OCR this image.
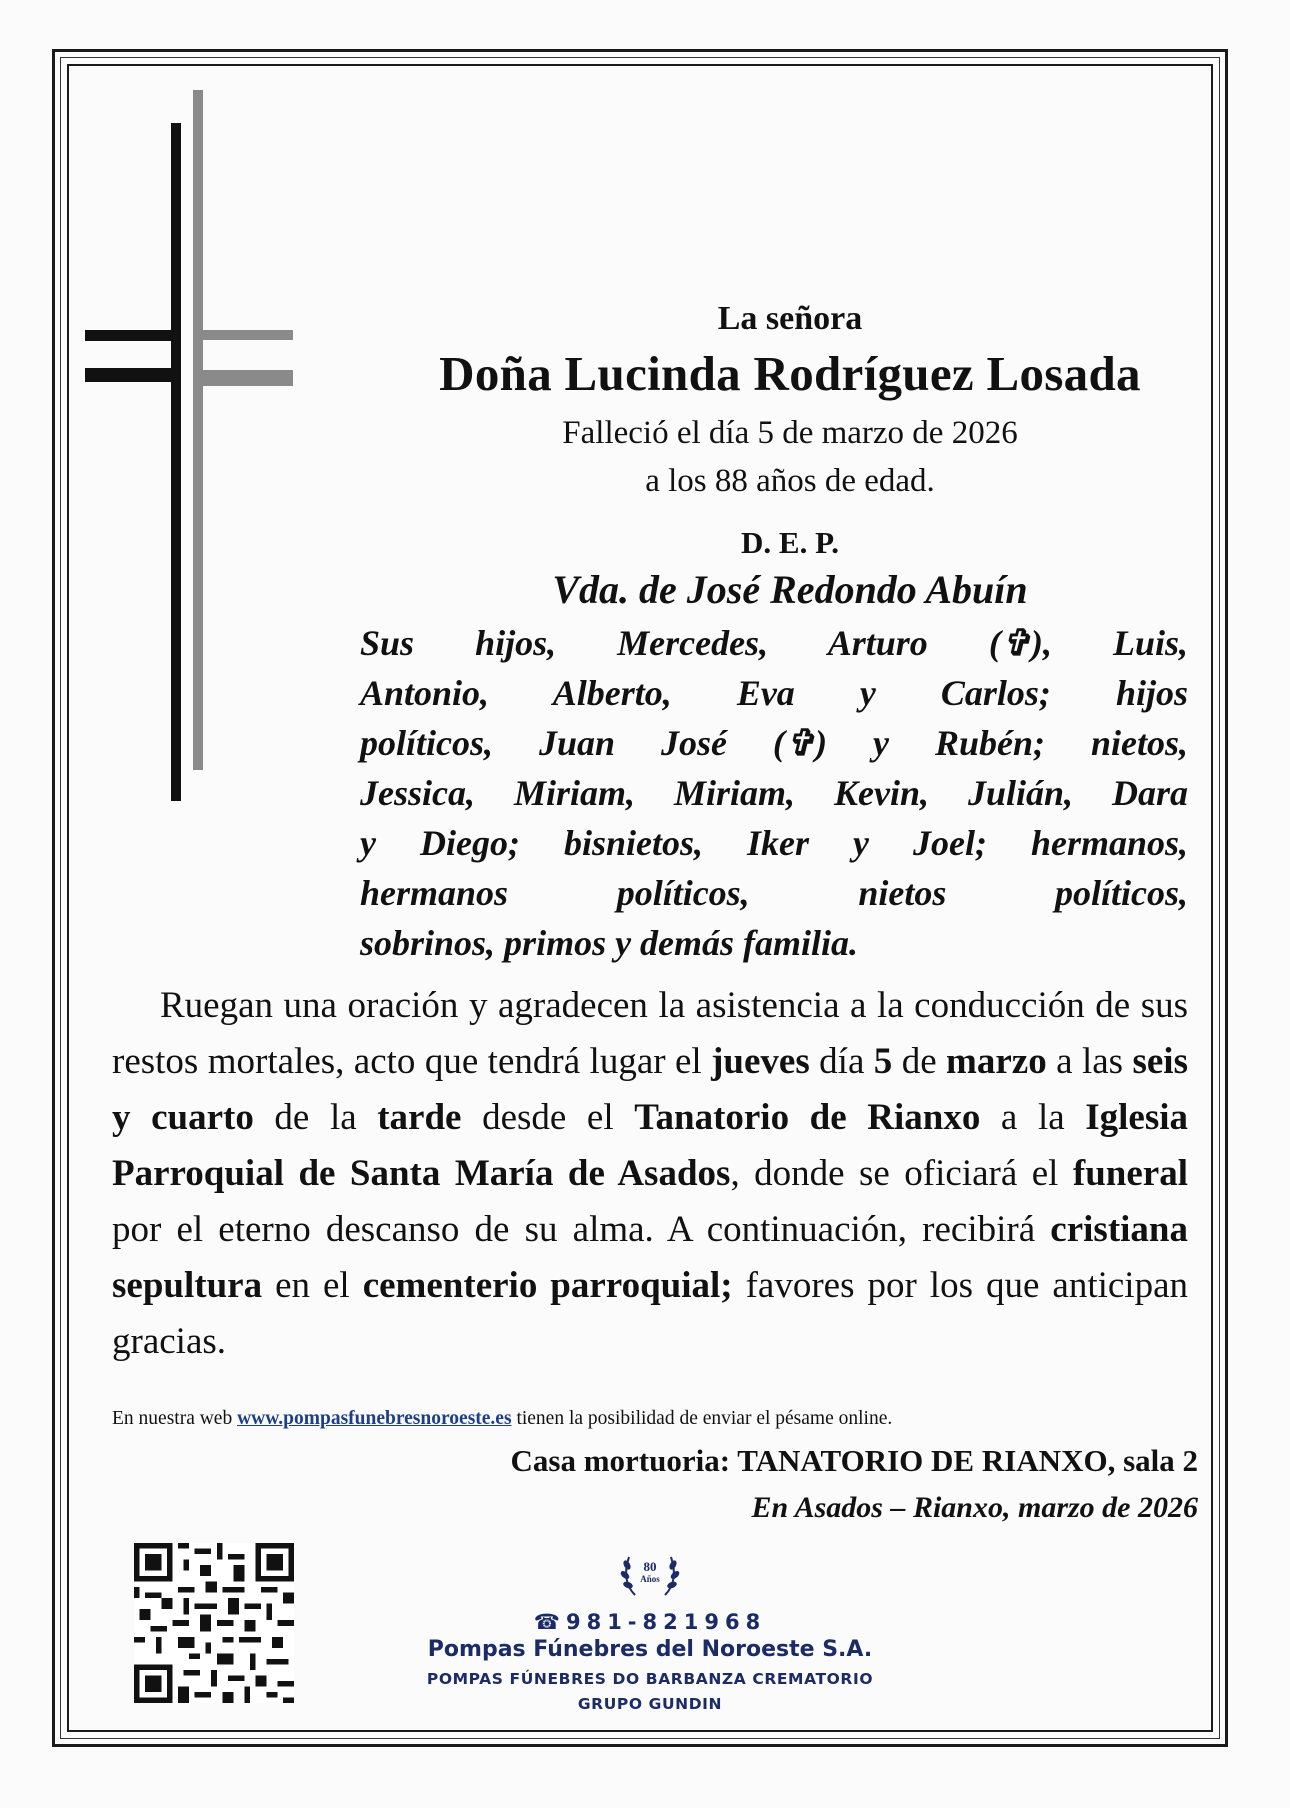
La señora
Doña Lucinda Rodríguez Losada
Falleció el día 5 de marzo de 2026
a los 88 años de edad.
D. E. P.
Vda. de José Redondo Abuín
Sus hijos, Mercedes, Arturo (✞), Luis,
Antonio, Alberto, Eva y Carlos; hijos
políticos, Juan José (✞) y Rubén; nietos,
Jessica, Miriam, Miriam, Kevin, Julián, Dara
y Diego; bisnietos, Iker y Joel; hermanos,
hermanos políticos, nietos políticos,
sobrinos, primos y demás familia.

Ruegan una oración y agradecen la asistencia a la conducción de sus restos mortales, acto que tendrá lugar el jueves día 5 de marzo a las seis y cuarto de la tarde desde el Tanatorio de Rianxo a la Iglesia Parroquial de Santa María de Asados, donde se oficiará el funeral por el eterno descanso de su alma. A continuación, recibirá cristiana sepultura en el cementerio parroquial; favores por los que anticipan gracias.

En nuestra web www.pompasfunebresnoroeste.es tienen la posibilidad de enviar el pésame online.
Casa mortuoria: TANATORIO DE RIANXO, sala 2
En Asados – Rianxo, marzo de 2026
80
Años
☎981-821968
Pompas Fúnebres del Noroeste S.A.
POMPAS FÚNEBRES DO BARBANZA CREMATORIO
GRUPO GUNDIN
